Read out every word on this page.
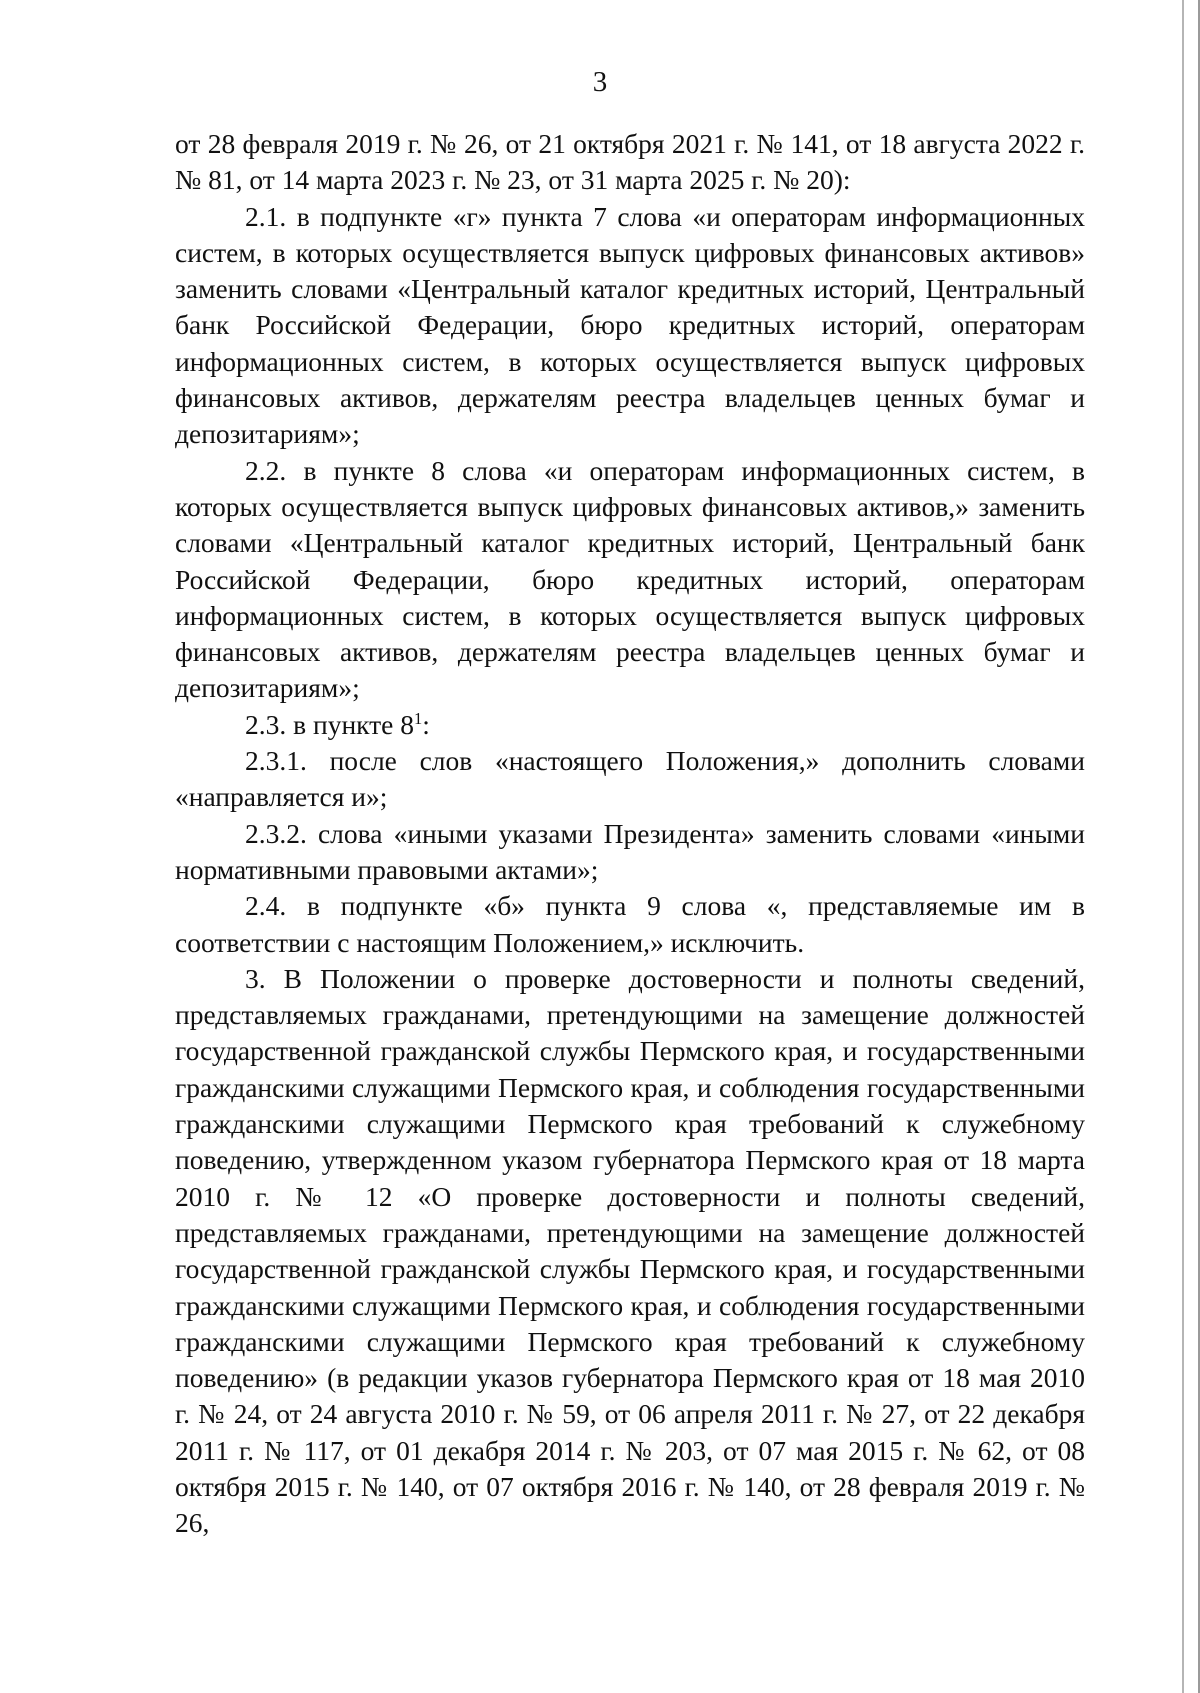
3

от 28 февраля 2019 г. № 26, от 21 октября 2021 г. № 141, от 18 августа 2022 г. № 81, от 14 марта 2023 г. № 23, от 31 марта 2025 г. № 20):

2.1. в подпункте «г» пункта 7 слова «и операторам информационных систем, в которых осуществляется выпуск цифровых финансовых активов» заменить словами «Центральный каталог кредитных историй, Центральный банк Российской Федерации, бюро кредитных историй, операторам информационных систем, в которых осуществляется выпуск цифровых финансовых активов, держателям реестра владельцев ценных бумаг и депозитариям»;

2.2. в пункте 8 слова «и операторам информационных систем, в которых осуществляется выпуск цифровых финансовых активов,» заменить словами «Центральный каталог кредитных историй, Центральный банк Российской Федерации, бюро кредитных историй, операторам информационных систем, в которых осуществляется выпуск цифровых финансовых активов, держателям реестра владельцев ценных бумаг и депозитариям»;

2.3. в пункте $8^1$:

2.3.1. после слов «настоящего Положения,» дополнить словами «направляется и»;

2.3.2. слова «иными указами Президента» заменить словами «иными нормативными правовыми актами»;

2.4. в подпункте «б» пункта 9 слова «, представляемые им в соответствии с настоящим Положением,» исключить.

3. В Положении о проверке достоверности и полноты сведений, представляемых гражданами, претендующими на замещение должностей государственной гражданской службы Пермского края, и государственными гражданскими служащими Пермского края, и соблюдения государственными гражданскими служащими Пермского края требований к служебному поведению, утвержденном указом губернатора Пермского края от 18 марта 2010 г. № 12 «О проверке достоверности и полноты сведений, представляемых гражданами, претендующими на замещение должностей государственной гражданской службы Пермского края, и государственными гражданскими служащими Пермского края, и соблюдения государственными гражданскими служащими Пермского края требований к служебному поведению» (в редакции указов губернатора Пермского края от 18 мая 2010 г. № 24, от 24 августа 2010 г. № 59, от 06 апреля 2011 г. № 27, от 22 декабря 2011 г. № 117, от 01 декабря 2014 г. № 203, от 07 мая 2015 г. № 62, от 08 октября 2015 г. № 140, от 07 октября 2016 г. № 140, от 28 февраля 2019 г. № 26,
